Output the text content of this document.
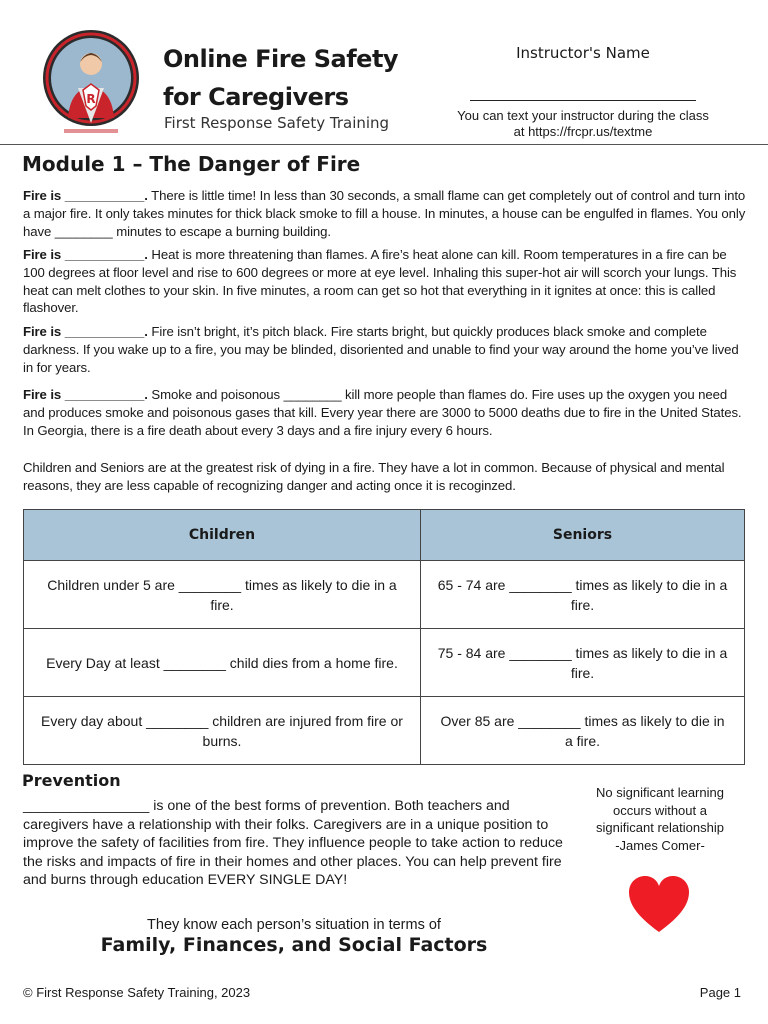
R
Online Fire Safety
for Caregivers
First Response Safety Training
Instructor's Name
You can text your instructor during the class at https://frcpr.us/textme
Module 1 – The Danger of Fire
Fire is ___________. There is little time! In less than 30 seconds, a small flame can get completely out of control and turn into a major fire. It only takes minutes for thick black smoke to fill a house. In minutes, a house can be engulfed in flames. You only have ________ minutes to escape a burning building.
Fire is ___________. Heat is more threatening than flames. A fire’s heat alone can kill. Room temperatures in a fire can be 100 degrees at floor level and rise to 600 degrees or more at eye level. Inhaling this super-hot air will scorch your lungs. This heat can melt clothes to your skin. In five minutes, a room can get so hot that everything in it ignites at once: this is called flashover.
Fire is ___________. Fire isn’t bright, it’s pitch black. Fire starts bright, but quickly produces black smoke and complete darkness. If you wake up to a fire, you may be blinded, disoriented and unable to find your way around the home you’ve lived in for years.
Fire is ___________. Smoke and poisonous ________ kill more people than flames do. Fire uses up the oxygen you need and produces smoke and poisonous gases that kill. Every year there are 3000 to 5000 deaths due to fire in the United States. In Georgia, there is a fire death about every 3 days and a fire injury every 6 hours.
Children and Seniors are at the greatest risk of dying in a fire. They have a lot in common. Because of physical and mental reasons, they are less capable of recognizing danger and acting once it is recoginzed.
Children	Seniors
Children under 5 are ________ times as likely to die in a fire.	65 - 74 are ________ times as likely to die in a fire.
Every Day at least ________ child dies from a home fire.	75 - 84 are ________ times as likely to die in a fire.
Every day about ________ children are injured from fire or burns.	Over 85 are ________ times as likely to die in a fire.
Prevention
________________ is one of the best forms of prevention. Both teachers and caregivers have a relationship with their folks. Caregivers are in a unique position to improve the safety of facilities from fire. They influence people to take action to reduce the risks and impacts of fire in their homes and other places. You can help prevent fire and burns through education EVERY SINGLE DAY!
No significant learning occurs without a significant relationship
-James Comer-
They know each person’s situation in terms of
Family, Finances, and Social Factors
© First Response Safety Training, 2023	Page 1
